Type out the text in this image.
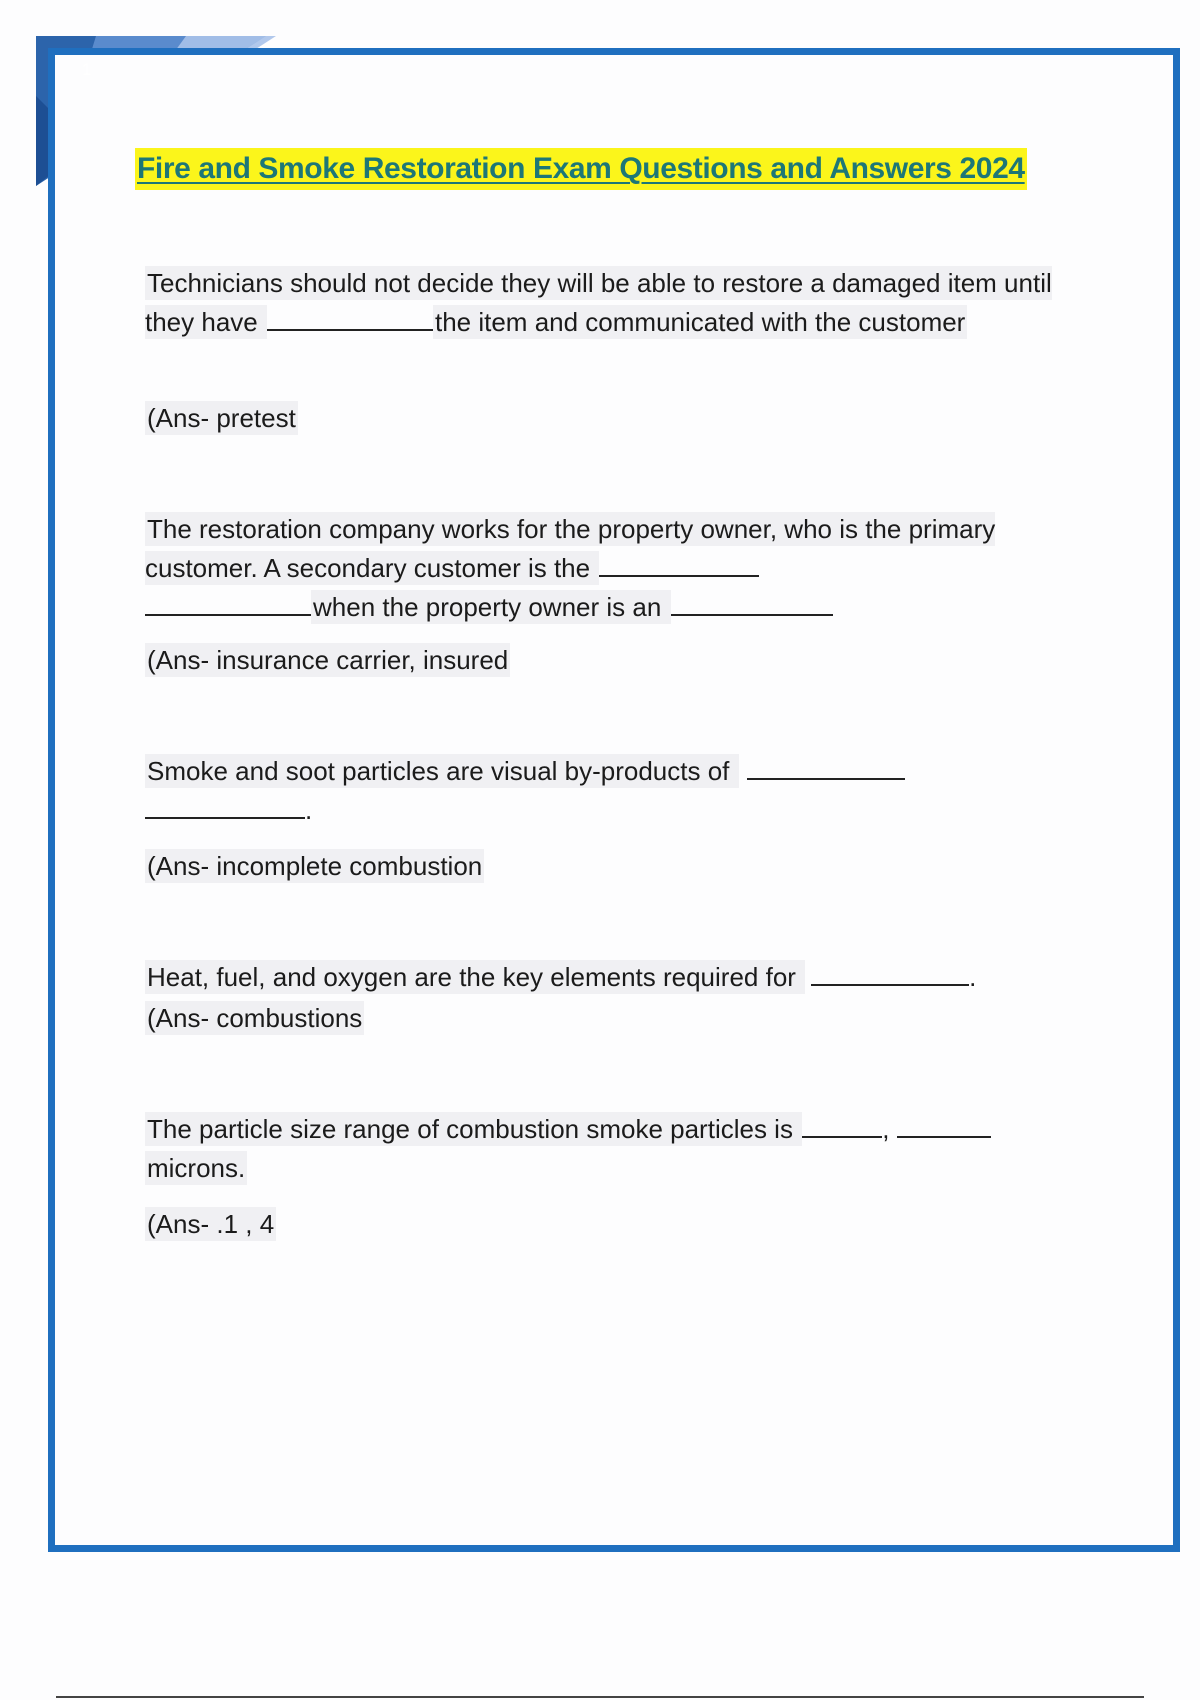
1
Fire and Smoke Restoration Exam Questions and Answers 2024
Technicians should not decide they will be able to restore a damaged item until they have	the item and communicated with the customer
(Ans- pretest
The restoration company works for the property owner, who is the primary customer. A secondary customer is the
when the property owner is an
(Ans- insurance carrier, insured
Smoke and soot particles are visual by-products of
.
(Ans- incomplete combustion
Heat, fuel, and oxygen are the key elements required for	.
(Ans- combustions
The particle size range of combustion smoke particles is	,
microns.
(Ans- .1 , 4
